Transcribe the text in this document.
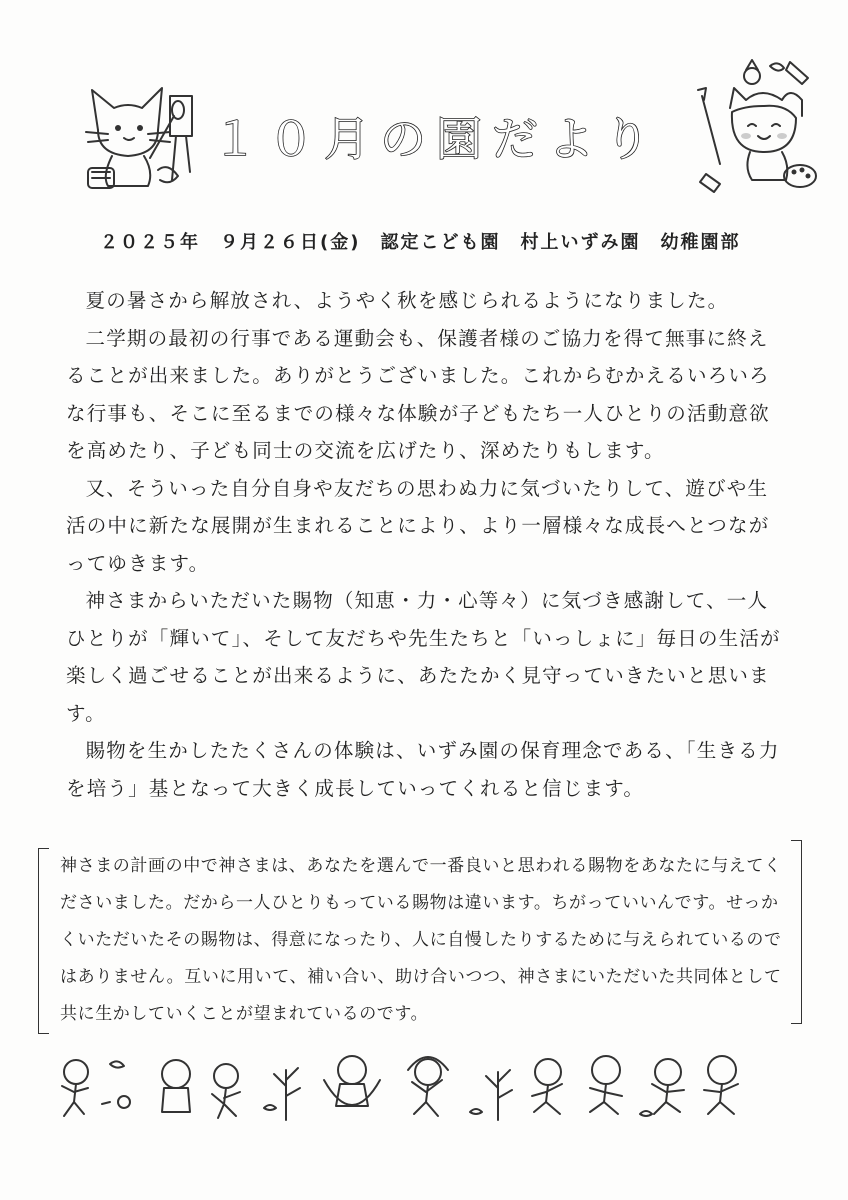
１０月の園だより
２０２５年　９月２６日(金)　認定こども園　村上いずみ園　幼稚園部

夏の暑さから解放され、ようやく秋を感じられるようになりました。

二学期の最初の行事である運動会も、保護者様のご協力を得て無事に終えることが出来ました。ありがとうございました。これからむかえるいろいろな行事も、そこに至るまでの様々な体験が子どもたち一人ひとりの活動意欲を高めたり、子ども同士の交流を広げたり、深めたりもします。

又、そういった自分自身や友だちの思わぬ力に気づいたりして、遊びや生活の中に新たな展開が生まれることにより、より一層様々な成長へとつながってゆきます。

神さまからいただいた賜物（知恵・力・心等々）に気づき感謝して、一人ひとりが「輝いて」、そして友だちや先生たちと「いっしょに」毎日の生活が楽しく過ごせることが出来るように、あたたかく見守っていきたいと思います。

賜物を生かしたたくさんの体験は、いずみ園の保育理念である、「生きる力を培う」基となって大きく成長していってくれると信じます。

神さまの計画の中で神さまは、あなたを選んで一番良いと思われる賜物をあなたに与えてくださいました。だから一人ひとりもっている賜物は違います。ちがっていいんです。せっかくいただいたその賜物は、得意になったり、人に自慢したりするために与えられているのではありません。互いに用いて、補い合い、助け合いつつ、神さまにいただいた共同体として共に生かしていくことが望まれているのです。
